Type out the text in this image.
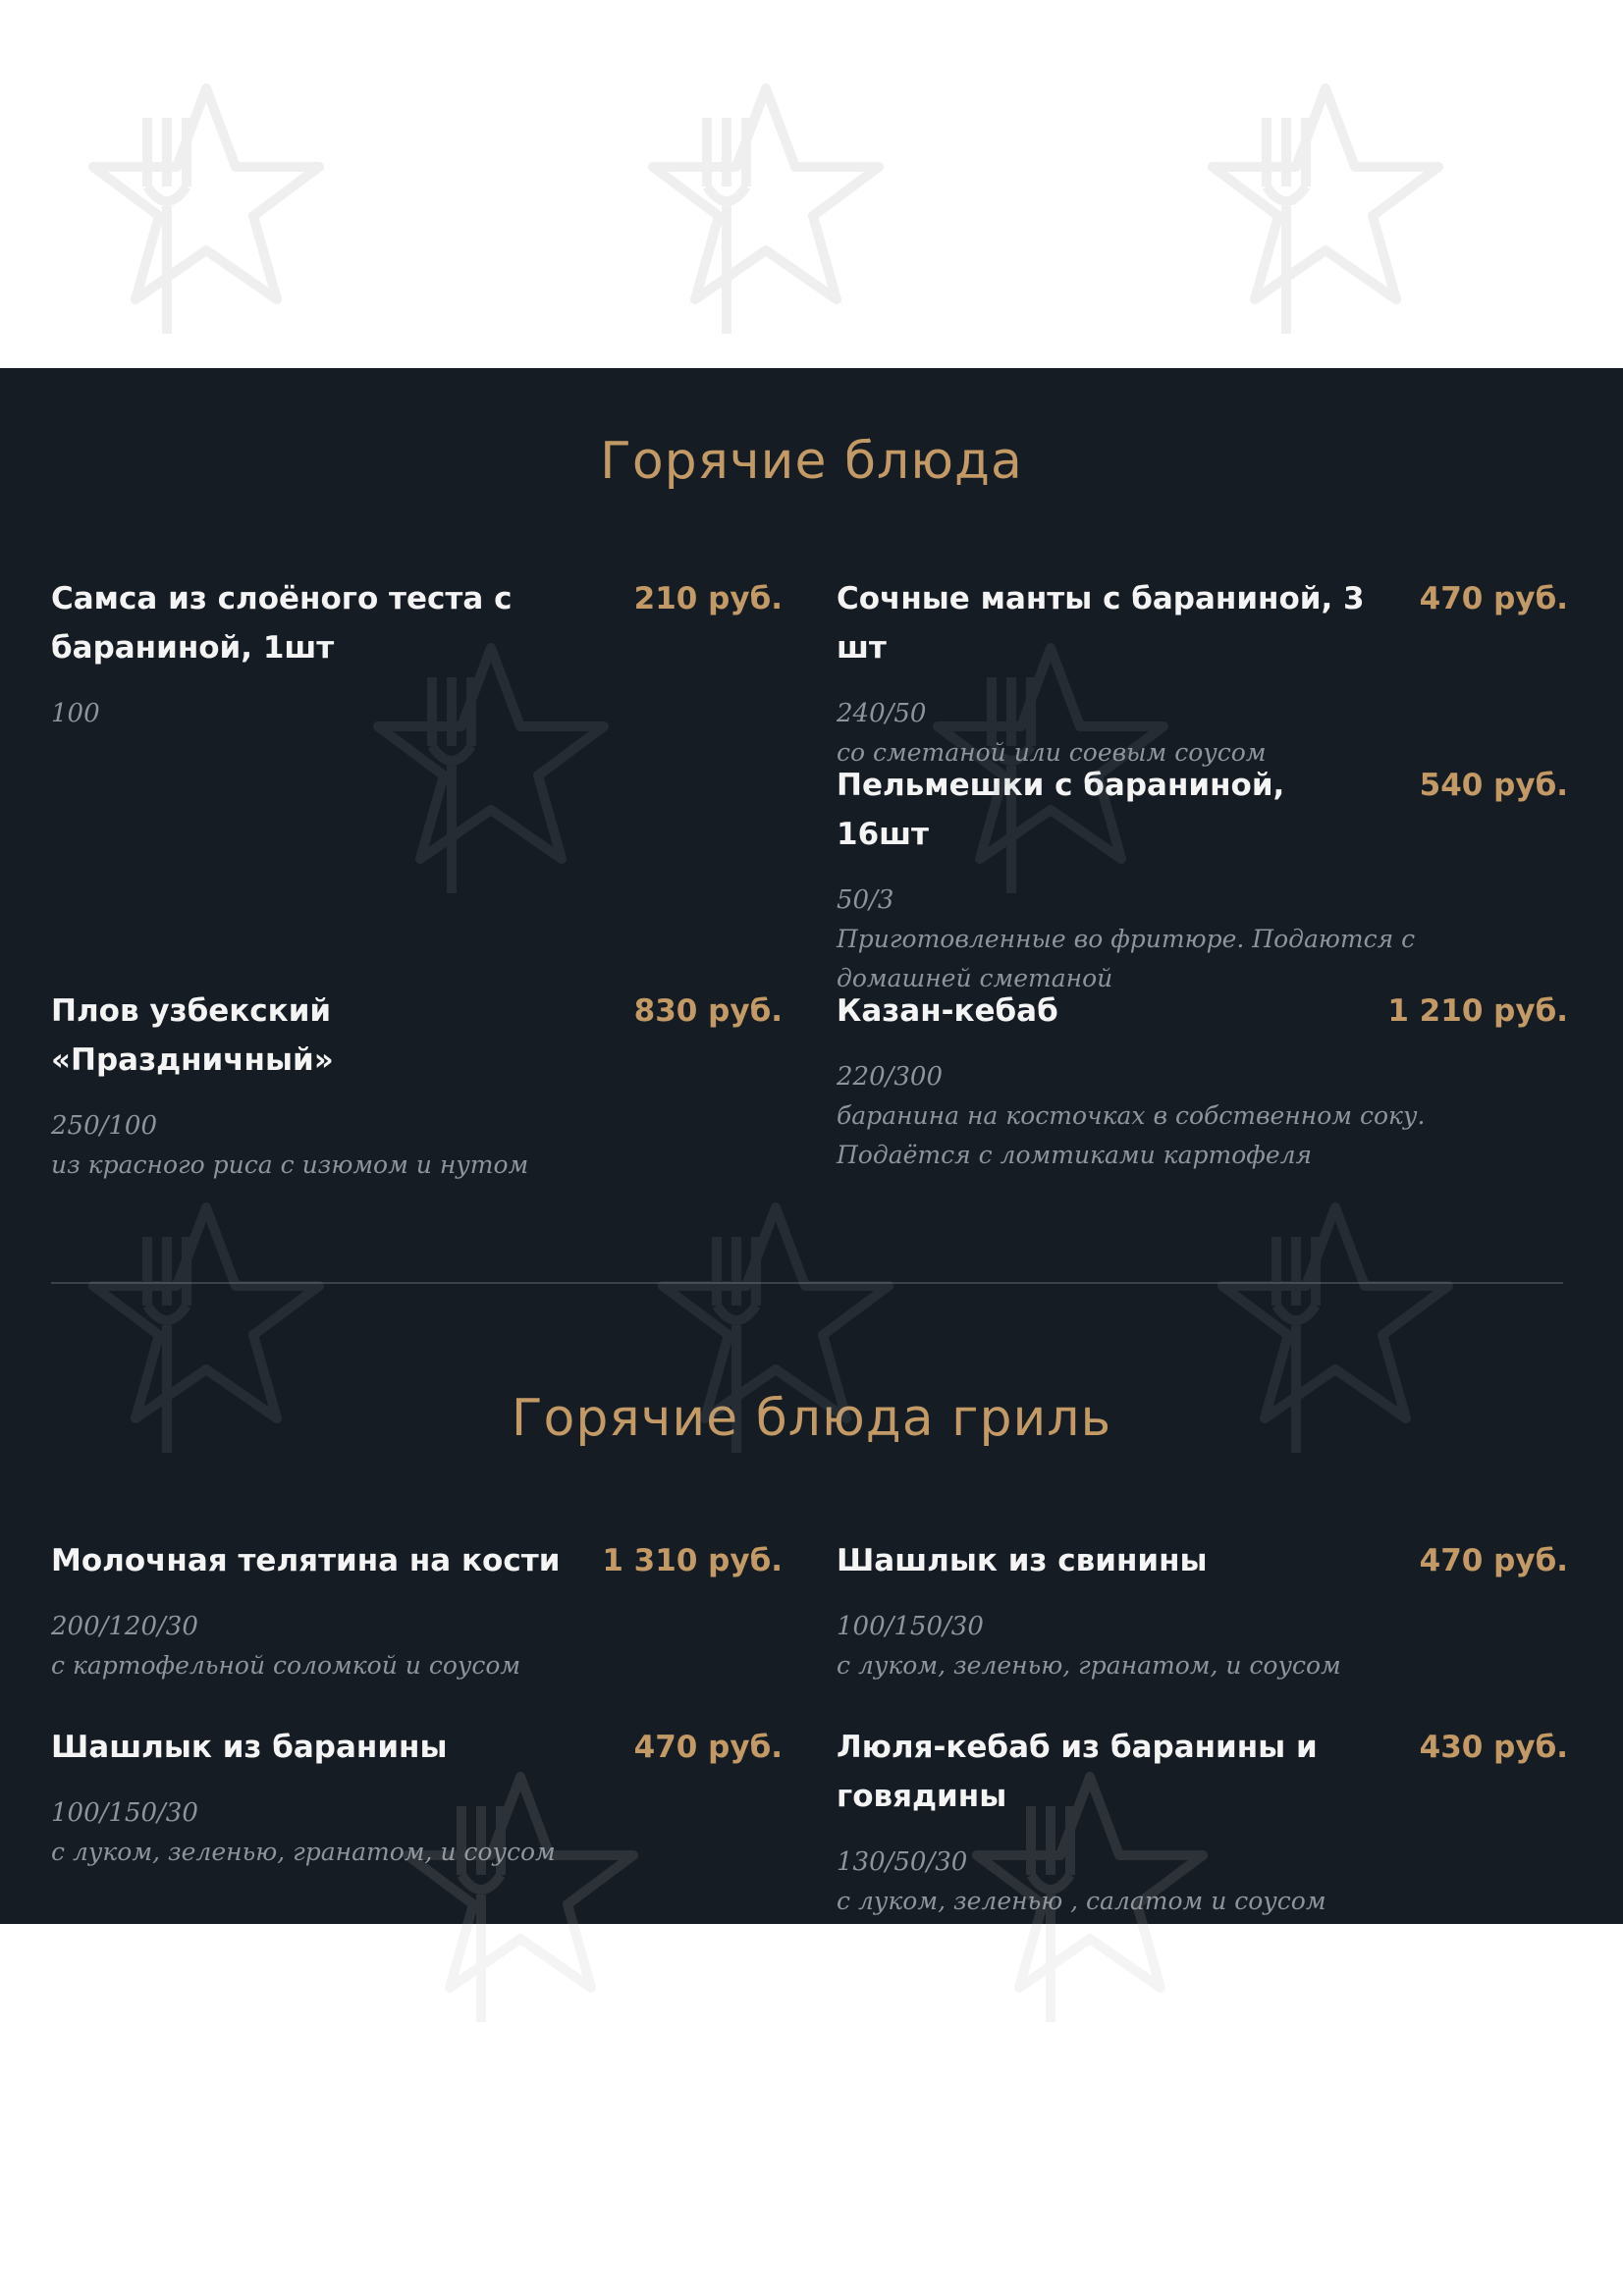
Горячие блюда

Самса из слоёного теста с бараниной, 1шт

210 руб.
100

Сочные манты с бараниной, 3 шт

470 руб.
240/50
со сметаной или соевым соусом

Пельмешки с бараниной, 16шт

540 руб.
50/3
Приготовленные во фритюре. Подаются с домашней сметаной

Плов узбекский «Праздничный»

830 руб.
250/100
из красного риса с изюмом и нутом

Казан-кебаб	1 210 руб.
220/300
баранина на косточках в собственном соку. Подаётся с ломтиками картофеля
Горячие блюда гриль

Молочная телятина на кости	1 310 руб.
200/120/30
с картофельной соломкой и соусом

Шашлык из свинины	470 руб.
100/150/30
с луком, зеленью, гранатом, и соусом

Шашлык из баранины	470 руб.
100/150/30
с луком, зеленью, гранатом, и соусом

Люля-кебаб из баранины и говядины

430 руб.
130/50/30
с луком, зеленью , салатом и соусом
